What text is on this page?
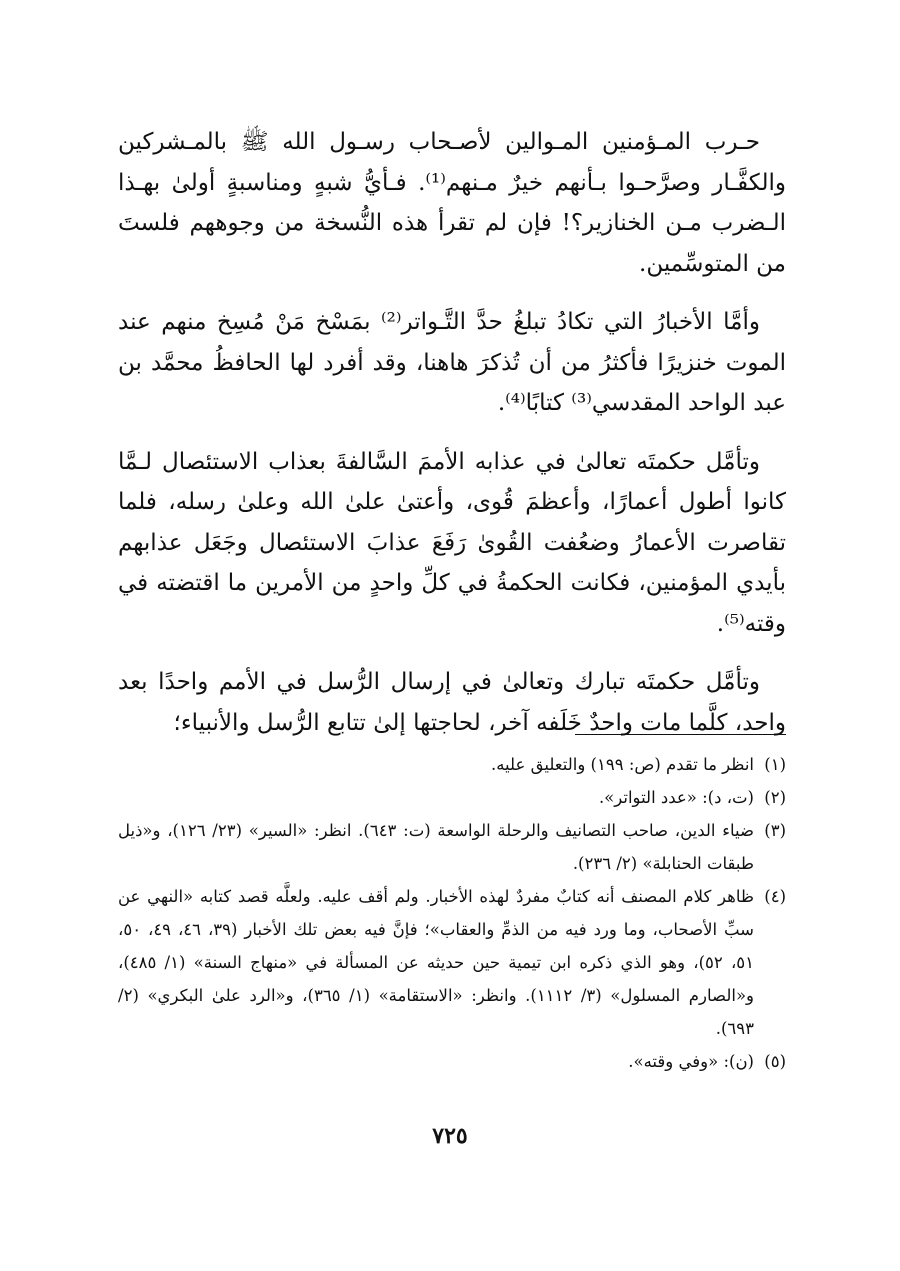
حـرب المـؤمنين المـوالين لأصـحاب رسـول الله ﷺ بالمـشركين والكفَّـار وصرَّحـوا بـأنهم خيرٌ مـنهم⁽¹⁾. فـأيُّ شبهٍ ومناسبةٍ أولىٰ بهـذا الـضرب مـن الخنازير؟! فإن لم تقرأ هذه النُّسخة من وجوههم فلستَ من المتوسِّمين.

وأمَّا الأخبارُ التي تكادُ تبلغُ حدَّ التَّـواتر⁽²⁾ بمَسْخ مَنْ مُسِخ منهم عند الموت خنزيرًا فأكثرُ من أن تُذكرَ هاهنا، وقد أفرد لها الحافظُ محمَّد بن عبد الواحد المقدسي⁽³⁾ كتابًا⁽⁴⁾.

وتأمَّل حكمتَه تعالىٰ في عذابه الأممَ السَّالفةَ بعذاب الاستئصال لـمَّا كانوا أطول أعمارًا، وأعظمَ قُوى، وأعتىٰ علىٰ الله وعلىٰ رسله، فلما تقاصرت الأعمارُ وضعُفت القُوىٰ رَفَعَ عذابَ الاستئصال وجَعَل عذابهم بأيدي المؤمنين، فكانت الحكمةُ في كلِّ واحدٍ من الأمرين ما اقتضته في وقته⁽⁵⁾.

وتأمَّل حكمتَه تبارك وتعالىٰ في إرسال الرُّسل في الأمم واحدًا بعد واحد، كلَّما مات واحدٌ خَلَفه آخر، لحاجتها إلىٰ تتابع الرُّسل والأنبياء؛

(١)
انظر ما تقدم (ص: ١٩٩) والتعليق عليه.
(٢)
(ت، د): «عدد التواتر».
(٣)
ضياء الدين، صاحب التصانيف والرحلة الواسعة (ت: ٦٤٣). انظر: «السير» (٢٣/ ١٢٦)، و«ذيل طبقات الحنابلة» (٢/ ٢٣٦).
(٤)
ظاهر كلام المصنف أنه كتابٌ مفردٌ لهذه الأخبار. ولم أقف عليه. ولعلَّه قصد كتابه «النهي عن سبِّ الأصحاب، وما ورد فيه من الذمِّ والعقاب»؛ فإنَّ فيه بعض تلك الأخبار (٣٩، ٤٦، ٤٩، ٥٠، ٥١، ٥٢)، وهو الذي ذكره ابن تيمية حين حديثه عن المسألة في «منهاج السنة» (١/ ٤٨٥)، و«الصارم المسلول» (٣/ ١١١٢). وانظر: «الاستقامة» (١/ ٣٦٥)، و«الرد علىٰ البكري» (٢/ ٦٩٣).
(٥)
(ن): «وفي وقته».
٧٢٥
